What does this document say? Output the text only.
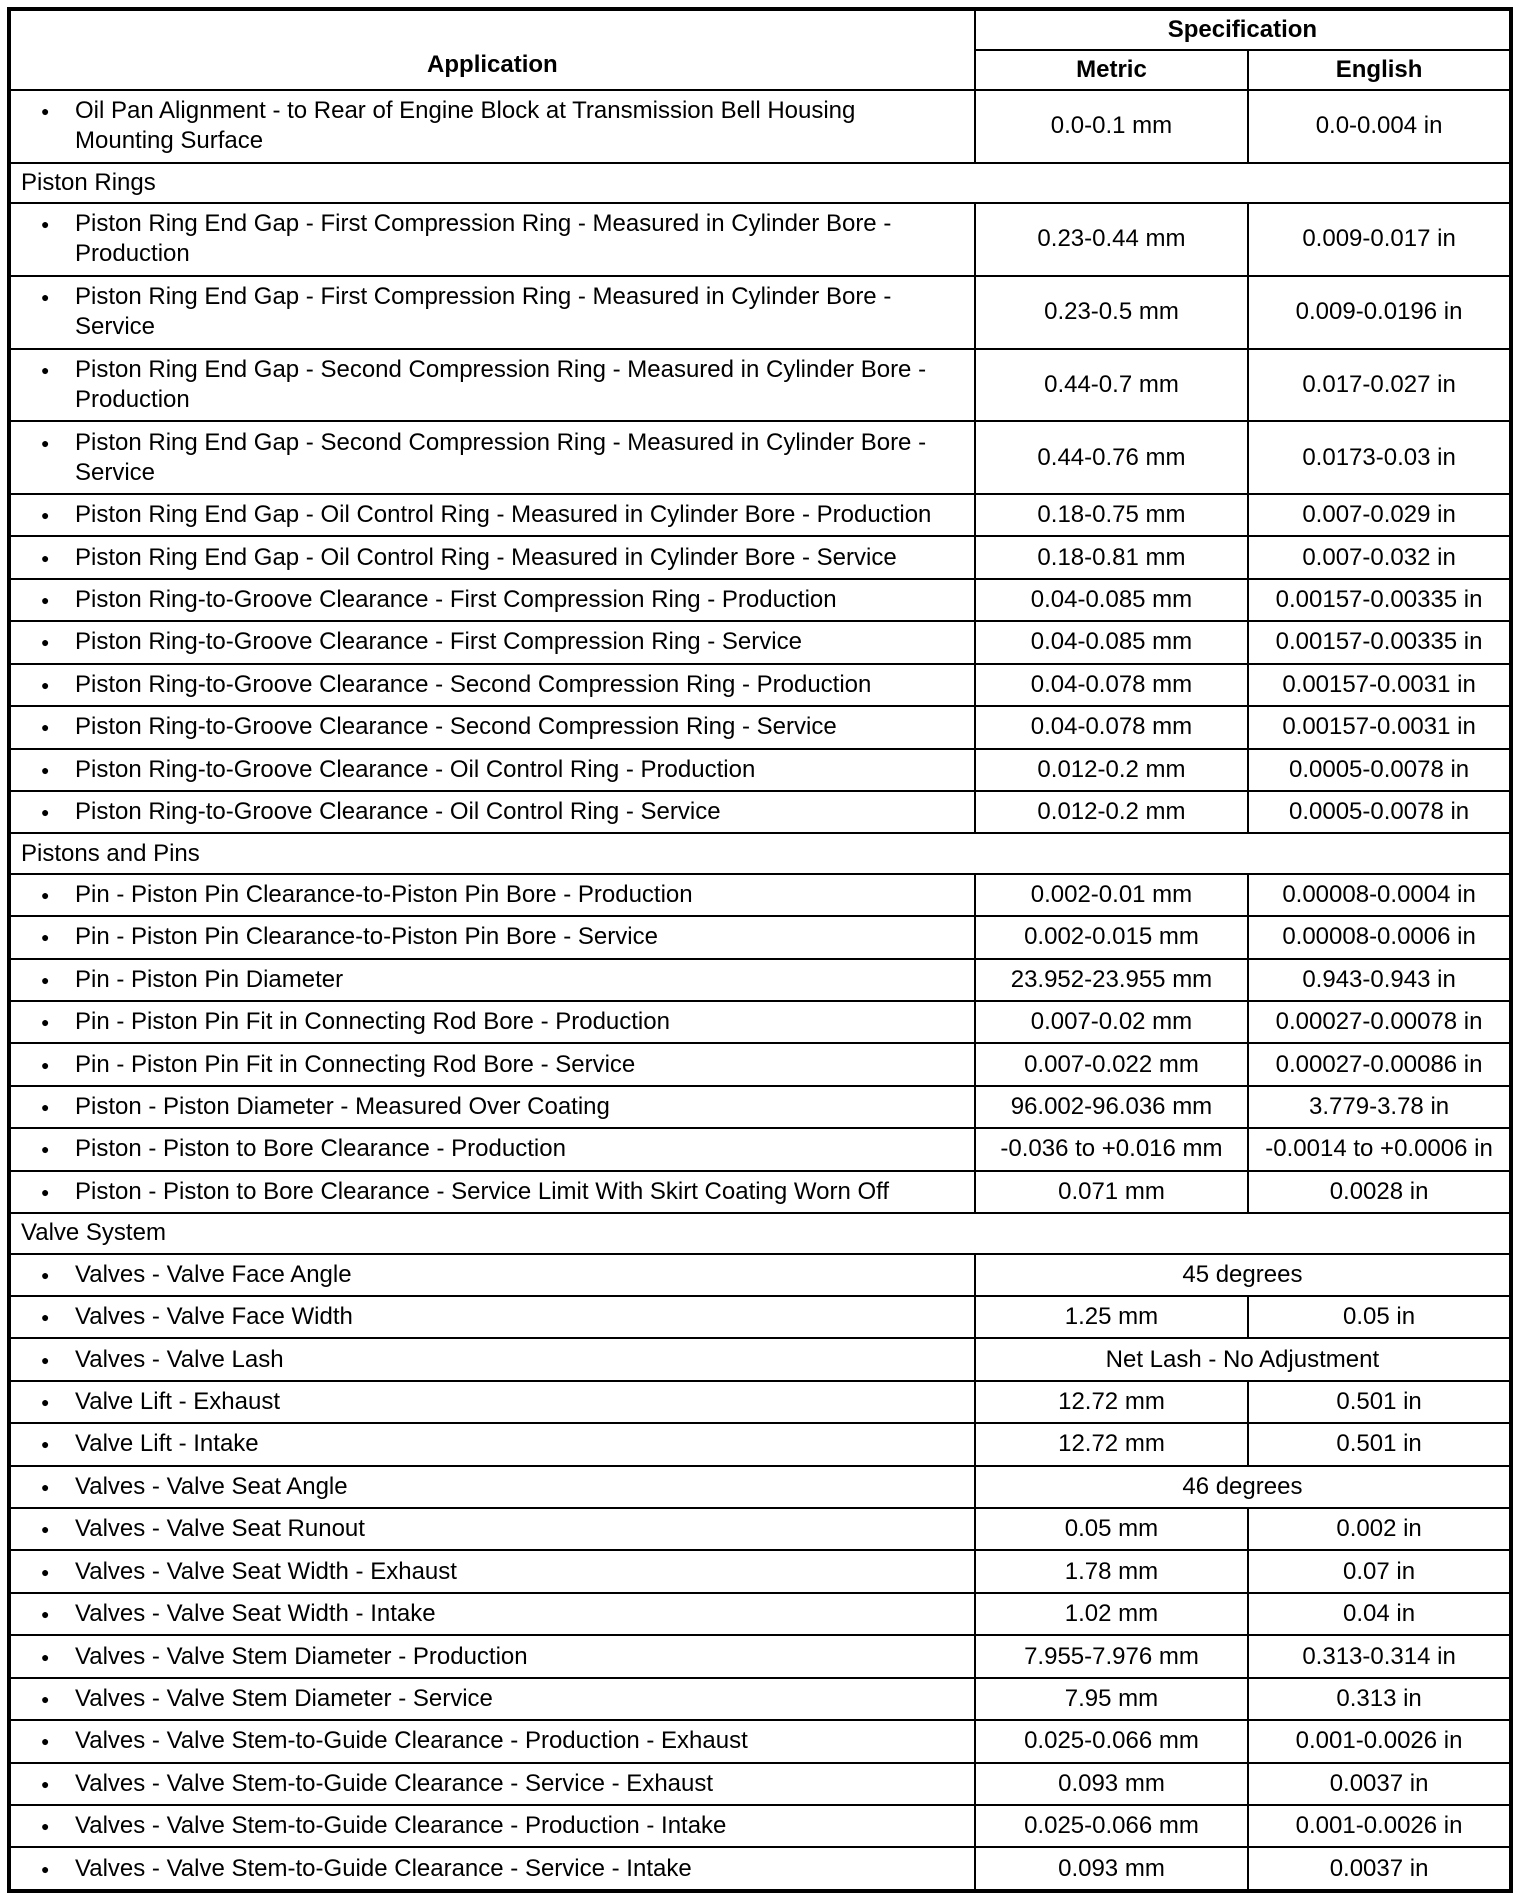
Application	Specification	
	Metric	English

● Oil Pan Alignment - to Rear of Engine Block at Transmission Bell Housing Mounting Surface	0.0-0.1 mm	0.0-0.004 in
Piston Rings		

● Piston Ring End Gap - First Compression Ring - Measured in Cylinder Bore - Production	0.23-0.44 mm	0.009-0.017 in

● Piston Ring End Gap - First Compression Ring - Measured in Cylinder Bore - Service	0.23-0.5 mm	0.009-0.0196 in

● Piston Ring End Gap - Second Compression Ring - Measured in Cylinder Bore - Production	0.44-0.7 mm	0.017-0.027 in

● Piston Ring End Gap - Second Compression Ring - Measured in Cylinder Bore - Service	0.44-0.76 mm	0.0173-0.03 in

● Piston Ring End Gap - Oil Control Ring - Measured in Cylinder Bore - Production	0.18-0.75 mm	0.007-0.029 in

● Piston Ring End Gap - Oil Control Ring - Measured in Cylinder Bore - Service	0.18-0.81 mm	0.007-0.032 in

● Piston Ring-to-Groove Clearance - First Compression Ring - Production	0.04-0.085 mm	0.00157-0.00335 in

● Piston Ring-to-Groove Clearance - First Compression Ring - Service	0.04-0.085 mm	0.00157-0.00335 in

● Piston Ring-to-Groove Clearance - Second Compression Ring - Production	0.04-0.078 mm	0.00157-0.0031 in

● Piston Ring-to-Groove Clearance - Second Compression Ring - Service	0.04-0.078 mm	0.00157-0.0031 in

● Piston Ring-to-Groove Clearance - Oil Control Ring - Production	0.012-0.2 mm	0.0005-0.0078 in

● Piston Ring-to-Groove Clearance - Oil Control Ring - Service	0.012-0.2 mm	0.0005-0.0078 in
Pistons and Pins		

● Pin - Piston Pin Clearance-to-Piston Pin Bore - Production	0.002-0.01 mm	0.00008-0.0004 in

● Pin - Piston Pin Clearance-to-Piston Pin Bore - Service	0.002-0.015 mm	0.00008-0.0006 in

● Pin - Piston Pin Diameter	23.952-23.955 mm	0.943-0.943 in

● Pin - Piston Pin Fit in Connecting Rod Bore - Production	0.007-0.02 mm	0.00027-0.00078 in

● Pin - Piston Pin Fit in Connecting Rod Bore - Service	0.007-0.022 mm	0.00027-0.00086 in

● Piston - Piston Diameter - Measured Over Coating	96.002-96.036 mm	3.779-3.78 in

● Piston - Piston to Bore Clearance - Production	-0.036 to +0.016 mm	-0.0014 to +0.0006 in

● Piston - Piston to Bore Clearance - Service Limit With Skirt Coating Worn Off	0.071 mm	0.0028 in
Valve System		

● Valves - Valve Face Angle	45 degrees	

● Valves - Valve Face Width	1.25 mm	0.05 in

● Valves - Valve Lash	Net Lash - No Adjustment	

● Valve Lift - Exhaust	12.72 mm	0.501 in

● Valve Lift - Intake	12.72 mm	0.501 in

● Valves - Valve Seat Angle	46 degrees	

● Valves - Valve Seat Runout	0.05 mm	0.002 in

● Valves - Valve Seat Width - Exhaust	1.78 mm	0.07 in

● Valves - Valve Seat Width - Intake	1.02 mm	0.04 in

● Valves - Valve Stem Diameter - Production	7.955-7.976 mm	0.313-0.314 in

● Valves - Valve Stem Diameter - Service	7.95 mm	0.313 in

● Valves - Valve Stem-to-Guide Clearance - Production - Exhaust	0.025-0.066 mm	0.001-0.0026 in

● Valves - Valve Stem-to-Guide Clearance - Service - Exhaust	0.093 mm	0.0037 in

● Valves - Valve Stem-to-Guide Clearance - Production - Intake	0.025-0.066 mm	0.001-0.0026 in

● Valves - Valve Stem-to-Guide Clearance - Service - Intake	0.093 mm	0.0037 in
